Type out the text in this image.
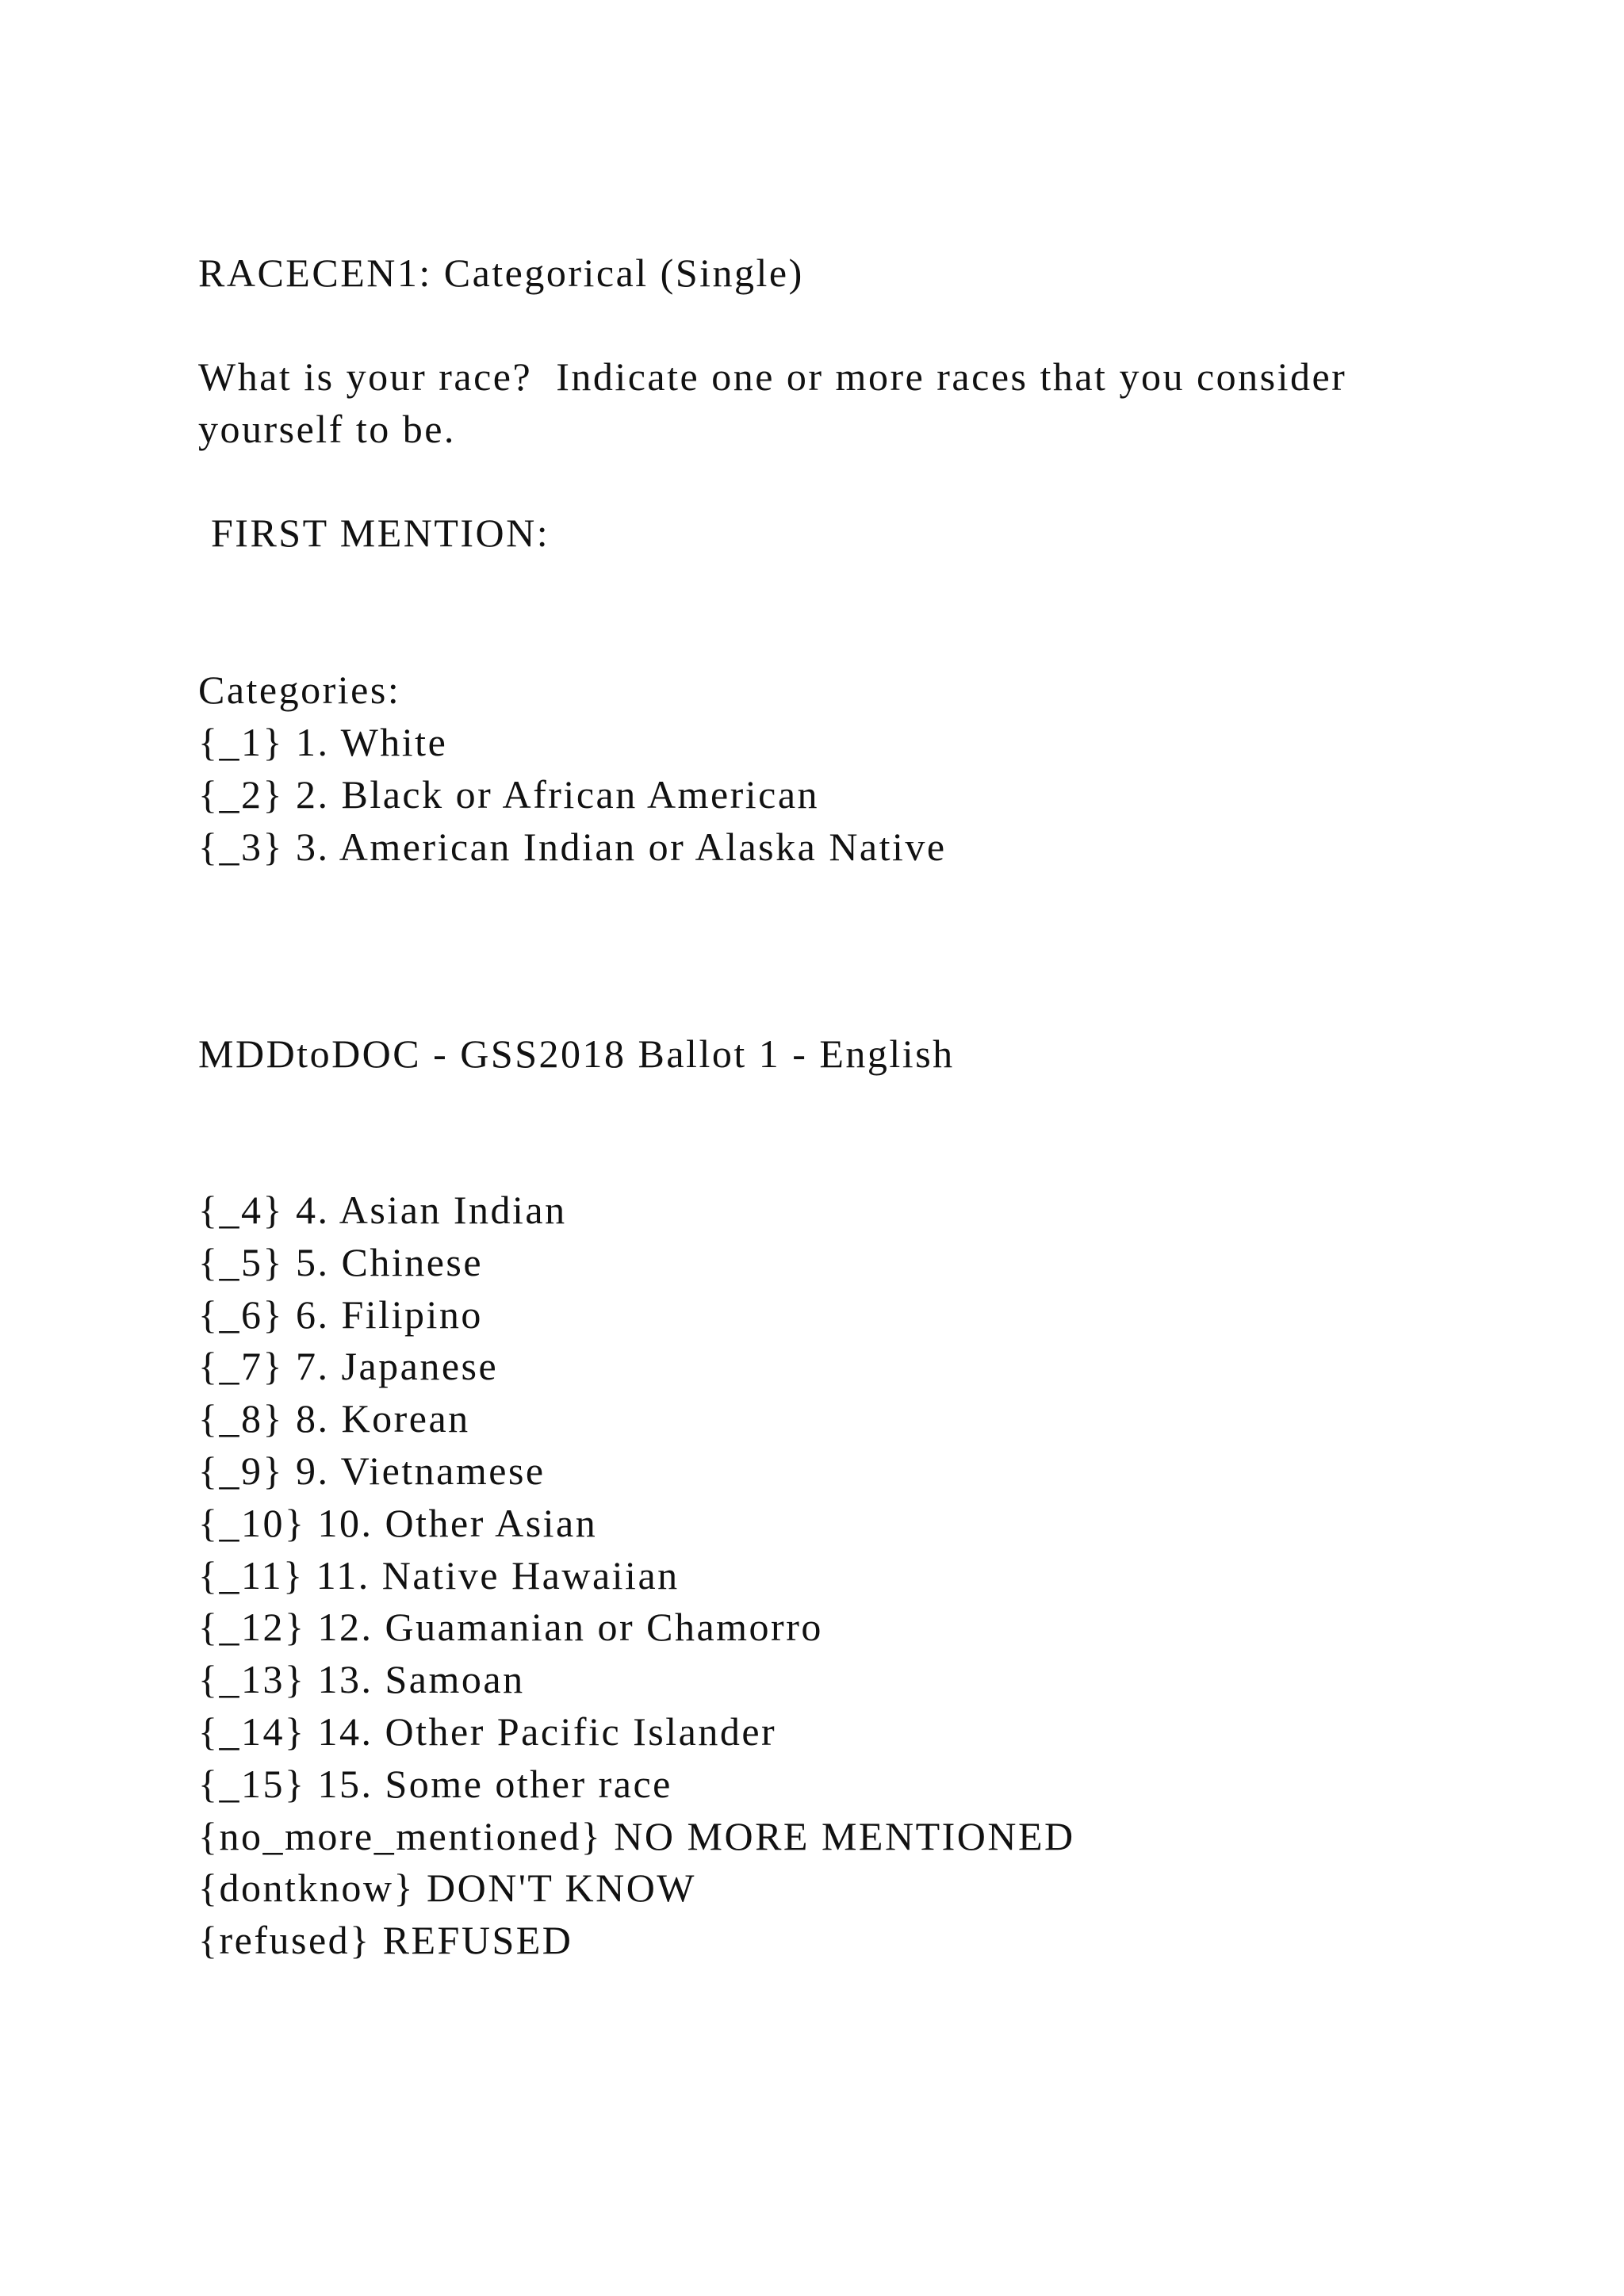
RACECEN1: Categorical (Single)

What is your race?  Indicate one or more races that you consider

yourself to be.

FIRST MENTION:

Categories:

{_1} 1. White
{_2} 2. Black or African American
{_3} 3. American Indian or Alaska Native

MDDtoDOC - GSS2018 Ballot 1 - English

{_4} 4. Asian Indian
{_5} 5. Chinese
{_6} 6. Filipino
{_7} 7. Japanese
{_8} 8. Korean
{_9} 9. Vietnamese
{_10} 10. Other Asian
{_11} 11. Native Hawaiian
{_12} 12. Guamanian or Chamorro
{_13} 13. Samoan
{_14} 14. Other Pacific Islander
{_15} 15. Some other race
{no_more_mentioned} NO MORE MENTIONED
{dontknow} DON'T KNOW
{refused} REFUSED
